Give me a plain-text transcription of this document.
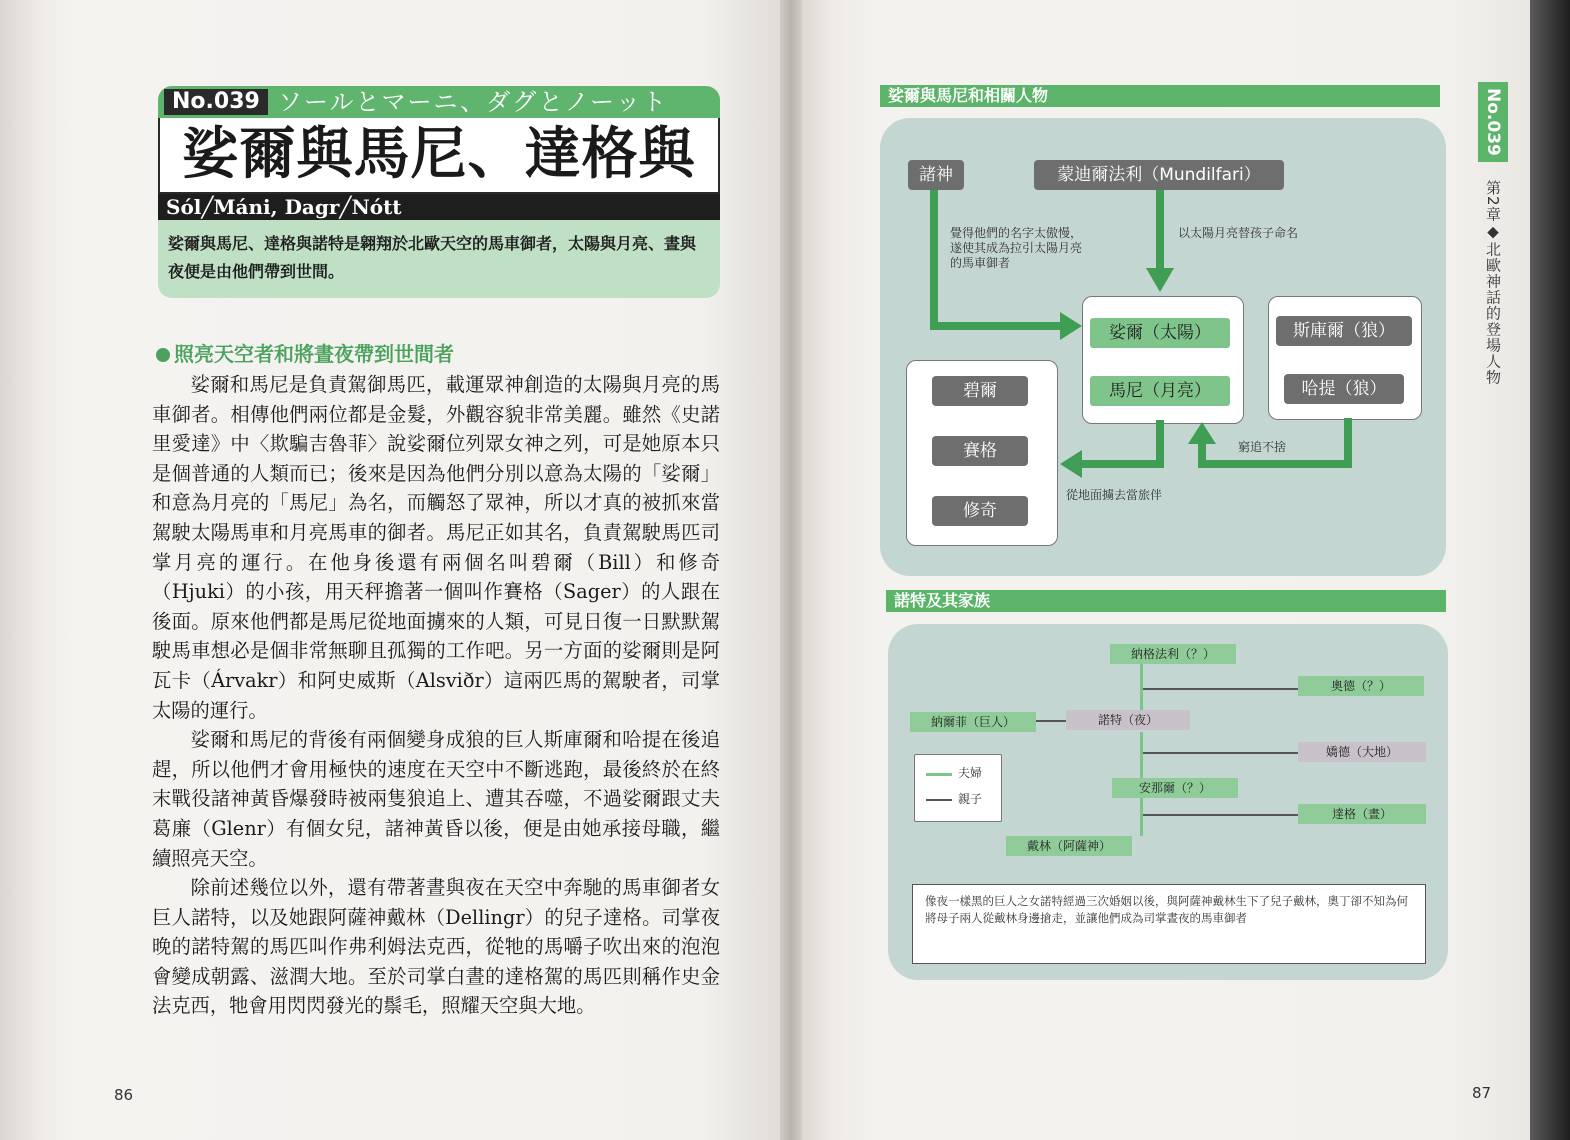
No.039 ソールとマーニ、ダグとノーット
娑爾與馬尼、達格與
Sól╱Máni, Dagr╱Nótt
娑爾與馬尼、達格與諾特是翱翔於北歐天空的馬車御者，太陽與月亮、晝與夜便是由他們帶到世間。
照亮天空者和將晝夜帶到世間者

娑爾和馬尼是負責駕御馬匹，載運眾神創造的太陽與月亮的馬車御者。相傳他們兩位都是金髮，外觀容貌非常美麗。雖然《史諾里愛達》中〈欺騙吉魯菲〉說娑爾位列眾女神之列，可是她原本只是個普通的人類而已；後來是因為他們分別以意為太陽的「娑爾」和意為月亮的「馬尼」為名，而觸怒了眾神，所以才真的被抓來當駕駛太陽馬車和月亮馬車的御者。馬尼正如其名，負責駕駛馬匹司掌月亮的運行。在他身後還有兩個名叫碧爾（Bill）和修奇（Hjuki）的小孩，用天秤擔著一個叫作賽格（Sager）的人跟在後面。原來他們都是馬尼從地面擄來的人類，可見日復一日默默駕駛馬車想必是個非常無聊且孤獨的工作吧。另一方面的娑爾則是阿瓦卡（Árvakr）和阿史威斯（Alsviðr）這兩匹馬的駕駛者，司掌太陽的運行。

娑爾和馬尼的背後有兩個變身成狼的巨人斯庫爾和哈提在後追趕，所以他們才會用極快的速度在天空中不斷逃跑，最後終於在終末戰役諸神黃昏爆發時被兩隻狼追上、遭其吞噬，不過娑爾跟丈夫葛廉（Glenr）有個女兒，諸神黃昏以後，便是由她承接母職，繼續照亮天空。

除前述幾位以外，還有帶著晝與夜在天空中奔馳的馬車御者女巨人諾特，以及她跟阿薩神戴林（Dellingr）的兒子達格。司掌夜晚的諾特駕的馬匹叫作弗利姆法克西，從牠的馬嚼子吹出來的泡泡會變成朝露、滋潤大地。至於司掌白晝的達格駕的馬匹則稱作史金法克西，牠會用閃閃發光的鬃毛，照耀天空與大地。

86
娑爾與馬尼和相關人物
諸神	蒙迪爾法利（Mundilfari）
覺得他們的名字太傲慢，遂使其成為拉引太陽月亮的馬車御者
以太陽月亮替孩子命名
娑爾（太陽）
馬尼（月亮）
斯庫爾（狼）
哈提（狼）
碧爾
賽格
修奇
窮追不捨
從地面擄去當旅伴
諾特及其家族
納格法利（？）
奧德（？）
納爾菲（巨人）	諾特（夜）
嬌德（大地）
安那爾（？）
達格（晝）
戴林（阿薩神）
夫婦
親子
像夜一樣黑的巨人之女諾特經過三次婚姻以後，與阿薩神戴林生下了兒子戴林，奧丁卻不知為何將母子兩人從戴林身邊搶走，並讓他們成為司掌晝夜的馬車御者
No.039
第2章◆北歐神話的登場人物
87
